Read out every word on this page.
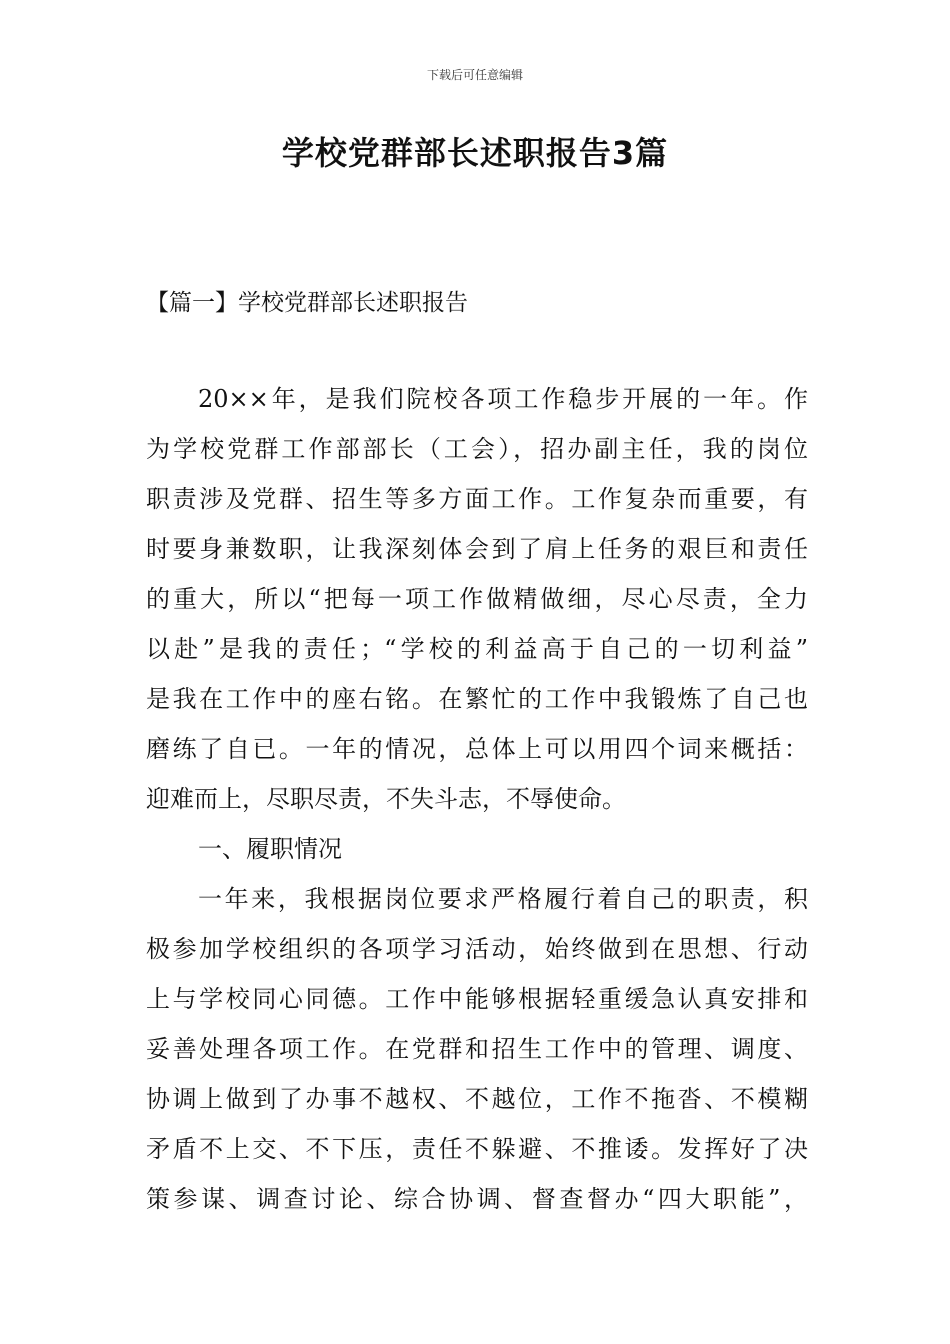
下载后可任意编辑
学校党群部长述职报告3篇
【篇一】学校党群部长述职报告
20××年，是我们院校各项工作稳步开展的一年。作
为学校党群工作部部长（工会），招办副主任，我的岗位
职责涉及党群、招生等多方面工作。工作复杂而重要，有
时要身兼数职，让我深刻体会到了肩上任务的艰巨和责任
的重大，所以“把每一项工作做精做细，尽心尽责，全力
以赴”是我的责任；“学校的利益高于自己的一切利益”
是我在工作中的座右铭。在繁忙的工作中我锻炼了自己也
磨练了自已。一年的情况，总体上可以用四个词来概括：
迎难而上，尽职尽责，不失斗志，不辱使命。
一、履职情况
一年来，我根据岗位要求严格履行着自己的职责，积
极参加学校组织的各项学习活动，始终做到在思想、行动
上与学校同心同德。工作中能够根据轻重缓急认真安排和
妥善处理各项工作。在党群和招生工作中的管理、调度、
协调上做到了办事不越权、不越位，工作不拖沓、不模糊
矛盾不上交、不下压，责任不躲避、不推诿。发挥好了决
策参谋、调查讨论、综合协调、督查督办“四大职能”，
